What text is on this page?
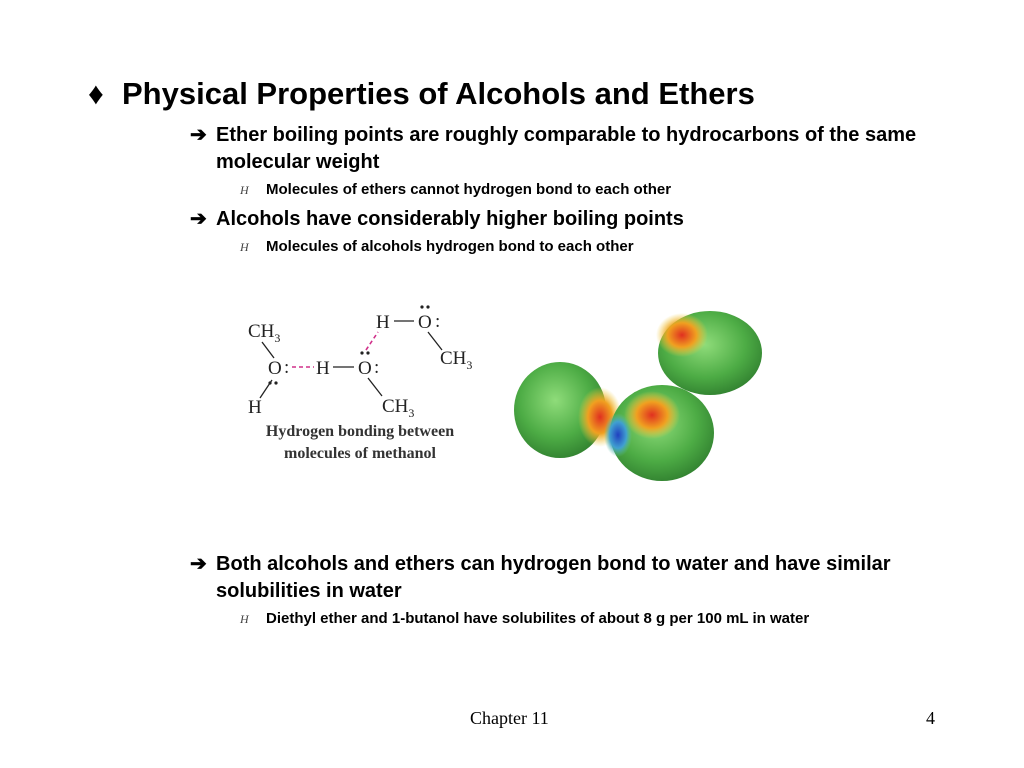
♦ Physical Properties of Alcohols and Ethers
➔ Ether boiling points are roughly comparable to hydrocarbons of the same molecular weight
H Molecules of ethers cannot hydrogen bond to each other
➔ Alcohols have considerably higher boiling points
H Molecules of alcohols hydrogen bond to each other
$CH_3$
O :
H
H O :
$CH_3$
H O :
$CH_3$
Hydrogen bonding between
molecules of methanol
➔ Both alcohols and ethers can hydrogen bond to water and have similar solubilities in water
H Diethyl ether and 1-butanol have solubilites of about 8 g per 100 mL in water
Chapter 11	4
